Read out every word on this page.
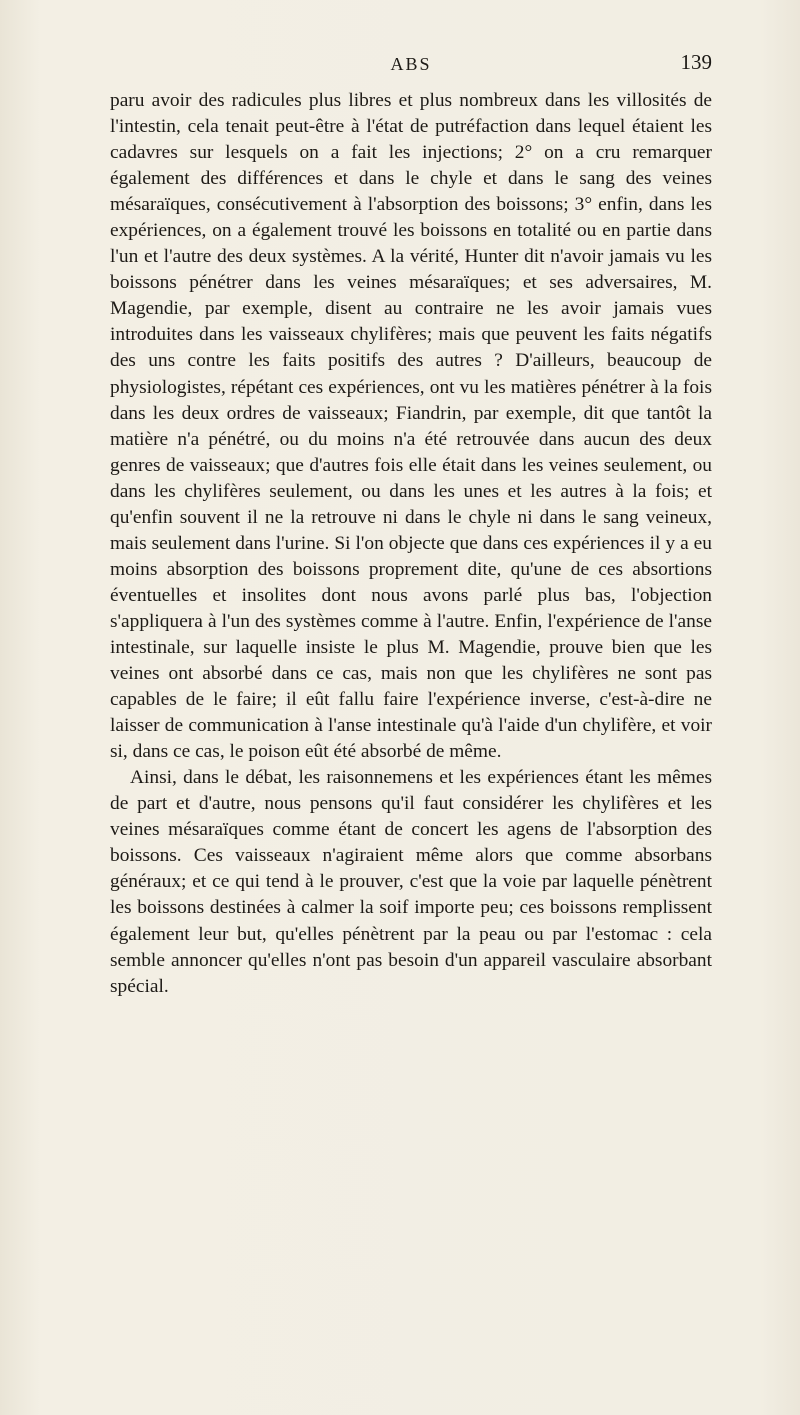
ABS	139

paru avoir des radicules plus libres et plus nombreux dans les villosités de l'intestin, cela tenait peut-être à l'état de putréfaction dans lequel étaient les cadavres sur lesquels on a fait les injections; 2° on a cru remarquer également des différences et dans le chyle et dans le sang des veines mésaraïques, consécutivement à l'absorption des boissons; 3° enfin, dans les expériences, on a également trouvé les boissons en totalité ou en partie dans l'un et l'autre des deux systèmes. A la vérité, Hunter dit n'avoir jamais vu les boissons pénétrer dans les veines mésaraïques; et ses adversaires, M. Magendie, par exemple, disent au contraire ne les avoir jamais vues introduites dans les vaisseaux chylifères; mais que peuvent les faits négatifs des uns contre les faits positifs des autres ? D'ailleurs, beaucoup de physiologistes, répétant ces expériences, ont vu les matières pénétrer à la fois dans les deux ordres de vaisseaux; Fiandrin, par exemple, dit que tantôt la matière n'a pénétré, ou du moins n'a été retrouvée dans aucun des deux genres de vaisseaux; que d'autres fois elle était dans les veines seulement, ou dans les chylifères seulement, ou dans les unes et les autres à la fois; et qu'enfin souvent il ne la retrouve ni dans le chyle ni dans le sang veineux, mais seulement dans l'urine. Si l'on objecte que dans ces expériences il y a eu moins absorption des boissons proprement dite, qu'une de ces absortions éventuelles et insolites dont nous avons parlé plus bas, l'objection s'appliquera à l'un des systèmes comme à l'autre. Enfin, l'expérience de l'anse intestinale, sur laquelle insiste le plus M. Magendie, prouve bien que les veines ont absorbé dans ce cas, mais non que les chylifères ne sont pas capables de le faire; il eût fallu faire l'expérience inverse, c'est-à-dire ne laisser de communication à l'anse intestinale qu'à l'aide d'un chylifère, et voir si, dans ce cas, le poison eût été absorbé de même.

Ainsi, dans le débat, les raisonnemens et les expériences étant les mêmes de part et d'autre, nous pensons qu'il faut considérer les chylifères et les veines mésaraïques comme étant de concert les agens de l'absorption des boissons. Ces vaisseaux n'agiraient même alors que comme absorbans généraux; et ce qui tend à le prouver, c'est que la voie par laquelle pénètrent les boissons destinées à calmer la soif importe peu; ces boissons remplissent également leur but, qu'elles pénètrent par la peau ou par l'estomac : cela semble annoncer qu'elles n'ont pas besoin d'un appareil vasculaire absorbant spécial.
